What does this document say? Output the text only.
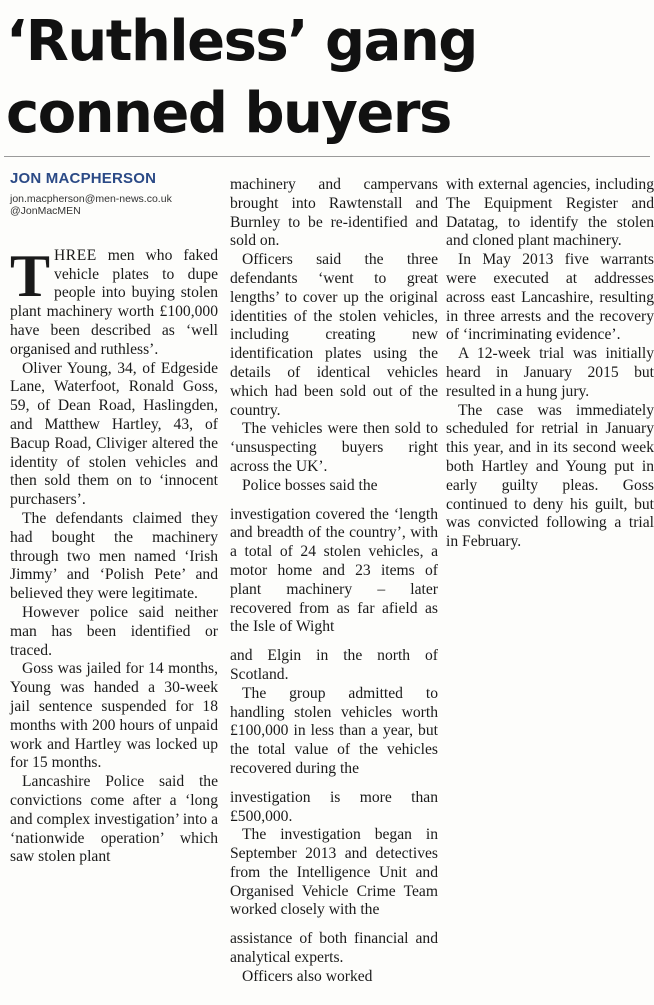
‘Ruthless’ gang
conned buyers
JON MACPHERSON
jon.macpherson@men-news.co.uk
@JonMacMEN

THREE men who faked vehicle plates to dupe people into buying stolen plant machinery worth £100,000 have been described as ‘well organised and ruthless’.

Oliver Young, 34, of Edgeside Lane, Waterfoot, Ronald Goss, 59, of Dean Road, Haslingden, and Matthew Hartley, 43, of Bacup Road, Cliviger altered the identity of stolen vehicles and then sold them on to ‘innocent purchasers’.

The defendants claimed they had bought the machinery through two men named ‘Irish Jimmy’ and ‘Polish Pete’ and believed they were legitimate.

However police said neither man has been identified or traced.

Goss was jailed for 14 months, Young was handed a 30-week jail sentence suspended for 18 months with 200 hours of unpaid work and Hartley was locked up for 15 months.

Lancashire Police said the convictions come after a ‘long and complex investigation’ into a ‘nationwide operation’ which saw stolen plant

machinery and campervans brought into Rawtenstall and Burnley to be re-identified and sold on.

Officers said the three defendants ‘went to great lengths’ to cover up the original identities of the stolen vehicles, including creating new identification plates using the details of identical vehicles which had been sold out of the country.

The vehicles were then sold to ‘unsuspecting buyers right across the UK’.

Police bosses said the

investigation covered the ‘length and breadth of the country’, with a total of 24 stolen vehicles, a motor home and 23 items of plant machinery – later recovered from as far afield as the Isle of Wight

and Elgin in the north of Scotland.

The group admitted to handling stolen vehicles worth £100,000 in less than a year, but the total value of the vehicles recovered during the

investigation is more than £500,000.

The investigation began in September 2013 and detectives from the Intelligence Unit and Organised Vehicle Crime Team worked closely with the

assistance of both financial and analytical experts.

Officers also worked

with external agencies, including The Equipment Register and Datatag, to identify the stolen and cloned plant machinery.

In May 2013 five warrants were executed at addresses across east Lancashire, resulting in three arrests and the recovery of ‘incriminating evidence’.

A 12-week trial was initially heard in January 2015 but resulted in a hung jury.

The case was immediately scheduled for retrial in January this year, and in its second week both Hartley and Young put in early guilty pleas. Goss continued to deny his guilt, but was convicted following a trial in February.
